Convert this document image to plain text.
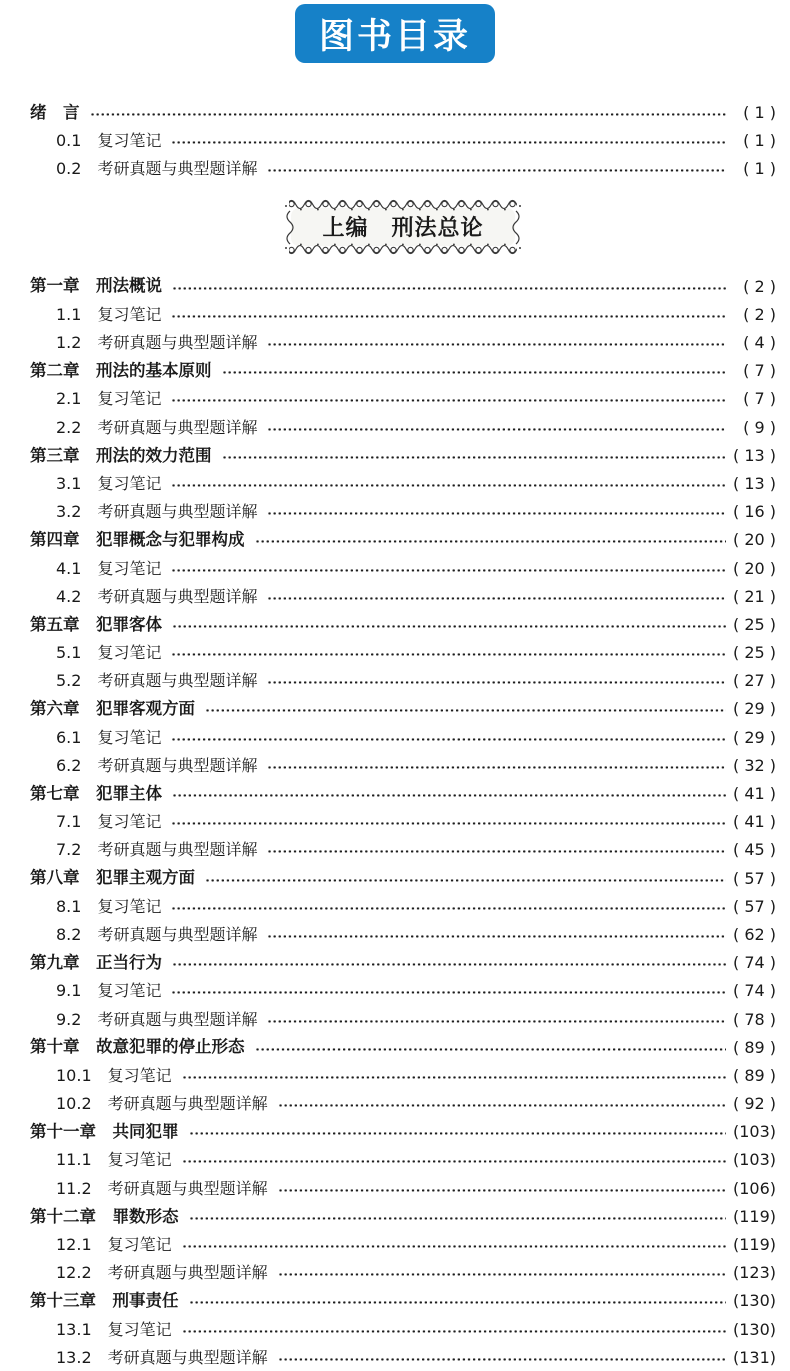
图书目录
绪　言	( 1 )
0.1　复习笔记	( 1 )
0.2　考研真题与典型题详解	( 1 )
上编　刑法总论
第一章　刑法概说	( 2 )
1.1　复习笔记	( 2 )
1.2　考研真题与典型题详解	( 4 )
第二章　刑法的基本原则	( 7 )
2.1　复习笔记	( 7 )
2.2　考研真题与典型题详解	( 9 )
第三章　刑法的效力范围	( 13 )
3.1　复习笔记	( 13 )
3.2　考研真题与典型题详解	( 16 )
第四章　犯罪概念与犯罪构成	( 20 )
4.1　复习笔记	( 20 )
4.2　考研真题与典型题详解	( 21 )
第五章　犯罪客体	( 25 )
5.1　复习笔记	( 25 )
5.2　考研真题与典型题详解	( 27 )
第六章　犯罪客观方面	( 29 )
6.1　复习笔记	( 29 )
6.2　考研真题与典型题详解	( 32 )
第七章　犯罪主体	( 41 )
7.1　复习笔记	( 41 )
7.2　考研真题与典型题详解	( 45 )
第八章　犯罪主观方面	( 57 )
8.1　复习笔记	( 57 )
8.2　考研真题与典型题详解	( 62 )
第九章　正当行为	( 74 )
9.1　复习笔记	( 74 )
9.2　考研真题与典型题详解	( 78 )
第十章　故意犯罪的停止形态	( 89 )
10.1　复习笔记	( 89 )
10.2　考研真题与典型题详解	( 92 )
第十一章　共同犯罪	(103)
11.1　复习笔记	(103)
11.2　考研真题与典型题详解	(106)
第十二章　罪数形态	(119)
12.1　复习笔记	(119)
12.2　考研真题与典型题详解	(123)
第十三章　刑事责任	(130)
13.1　复习笔记	(130)
13.2　考研真题与典型题详解	(131)
